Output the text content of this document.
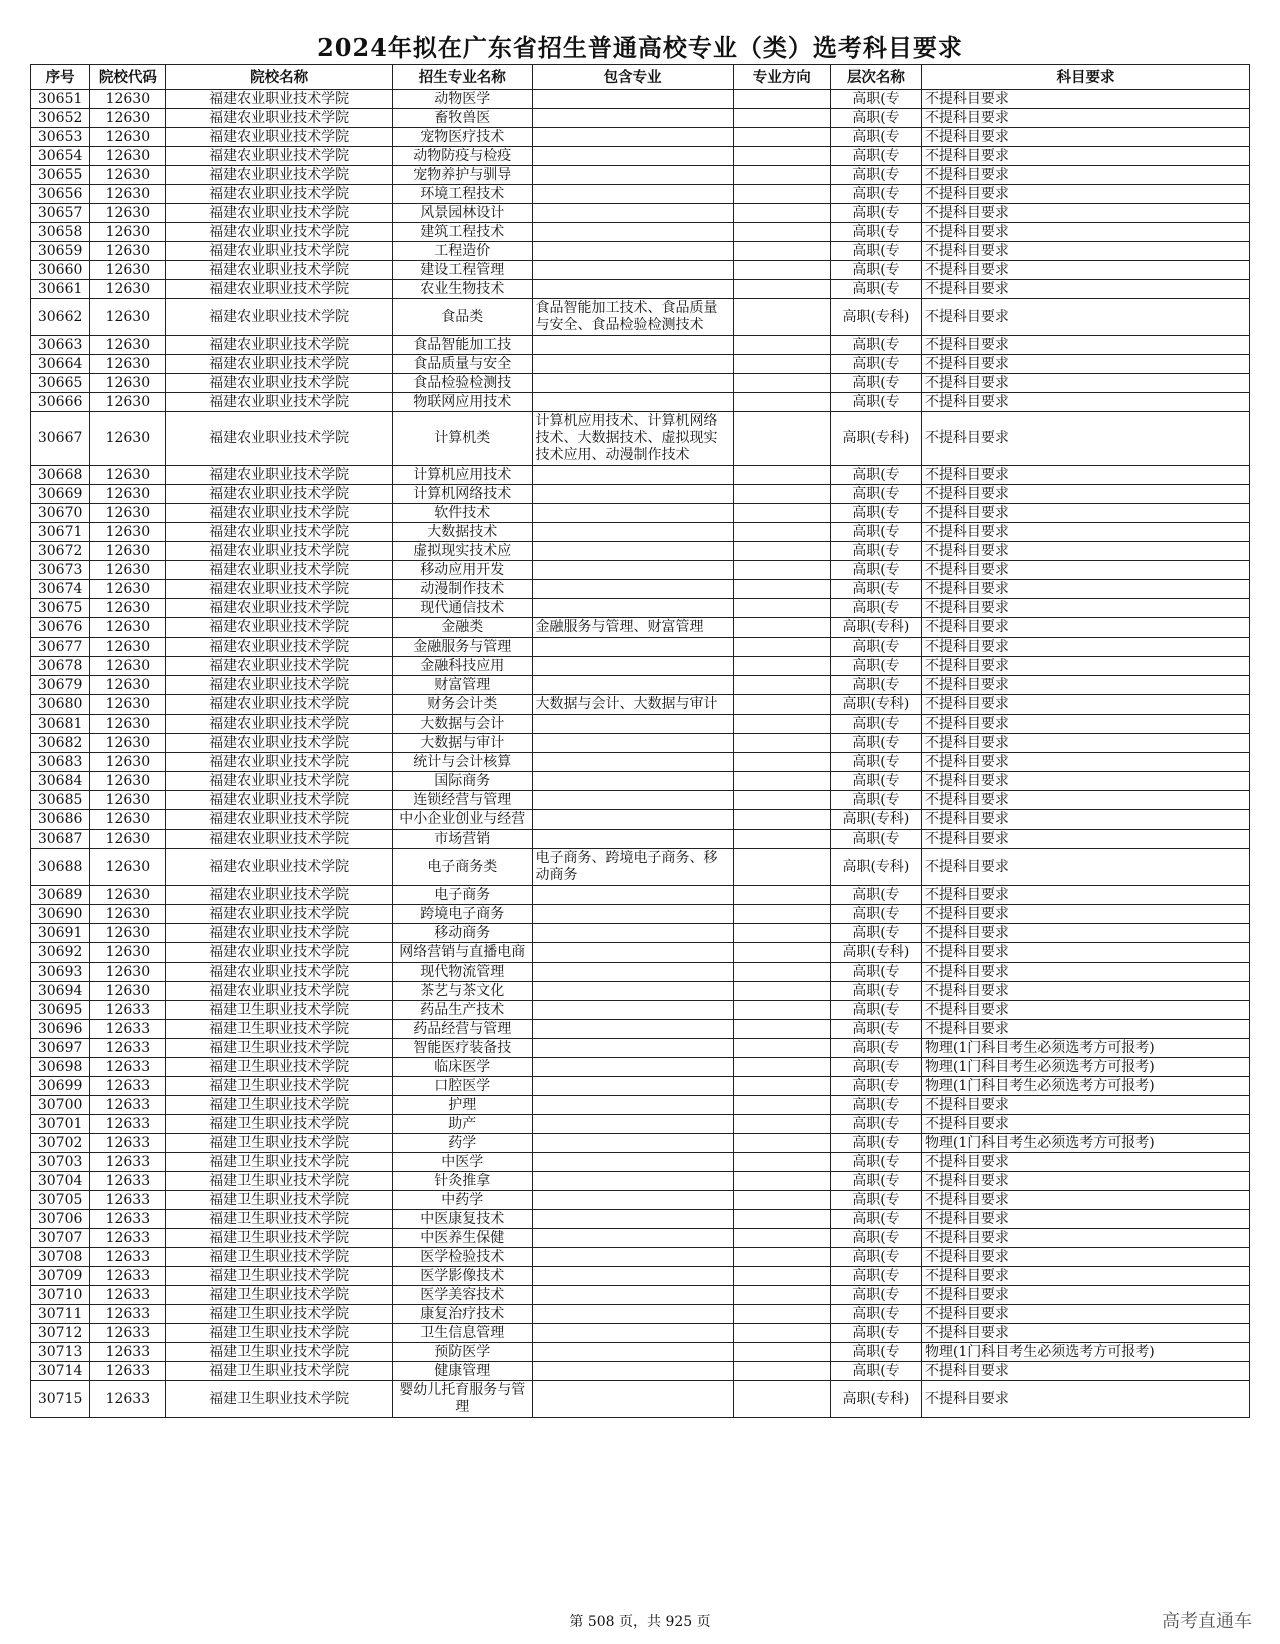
2024年拟在广东省招生普通高校专业（类）选考科目要求
序号	院校代码	院校名称	招生专业名称	包含专业	专业方向	层次名称	科目要求
30651	12630	福建农业职业技术学院	动物医学			高职(专	不提科目要求
30652	12630	福建农业职业技术学院	畜牧兽医			高职(专	不提科目要求
30653	12630	福建农业职业技术学院	宠物医疗技术			高职(专	不提科目要求
30654	12630	福建农业职业技术学院	动物防疫与检疫			高职(专	不提科目要求
30655	12630	福建农业职业技术学院	宠物养护与驯导			高职(专	不提科目要求
30656	12630	福建农业职业技术学院	环境工程技术			高职(专	不提科目要求
30657	12630	福建农业职业技术学院	风景园林设计			高职(专	不提科目要求
30658	12630	福建农业职业技术学院	建筑工程技术			高职(专	不提科目要求
30659	12630	福建农业职业技术学院	工程造价			高职(专	不提科目要求
30660	12630	福建农业职业技术学院	建设工程管理			高职(专	不提科目要求
30661	12630	福建农业职业技术学院	农业生物技术			高职(专	不提科目要求
30662	12630	福建农业职业技术学院	食品类	食品智能加工技术、食品质量与安全、食品检验检测技术		高职(专科)	不提科目要求
30663	12630	福建农业职业技术学院	食品智能加工技			高职(专	不提科目要求
30664	12630	福建农业职业技术学院	食品质量与安全			高职(专	不提科目要求
30665	12630	福建农业职业技术学院	食品检验检测技			高职(专	不提科目要求
30666	12630	福建农业职业技术学院	物联网应用技术			高职(专	不提科目要求
30667	12630	福建农业职业技术学院	计算机类	计算机应用技术、计算机网络技术、大数据技术、虚拟现实技术应用、动漫制作技术		高职(专科)	不提科目要求
30668	12630	福建农业职业技术学院	计算机应用技术			高职(专	不提科目要求
30669	12630	福建农业职业技术学院	计算机网络技术			高职(专	不提科目要求
30670	12630	福建农业职业技术学院	软件技术			高职(专	不提科目要求
30671	12630	福建农业职业技术学院	大数据技术			高职(专	不提科目要求
30672	12630	福建农业职业技术学院	虚拟现实技术应			高职(专	不提科目要求
30673	12630	福建农业职业技术学院	移动应用开发			高职(专	不提科目要求
30674	12630	福建农业职业技术学院	动漫制作技术			高职(专	不提科目要求
30675	12630	福建农业职业技术学院	现代通信技术			高职(专	不提科目要求
30676	12630	福建农业职业技术学院	金融类	金融服务与管理、财富管理		高职(专科)	不提科目要求
30677	12630	福建农业职业技术学院	金融服务与管理			高职(专	不提科目要求
30678	12630	福建农业职业技术学院	金融科技应用			高职(专	不提科目要求
30679	12630	福建农业职业技术学院	财富管理			高职(专	不提科目要求
30680	12630	福建农业职业技术学院	财务会计类	大数据与会计、大数据与审计		高职(专科)	不提科目要求
30681	12630	福建农业职业技术学院	大数据与会计			高职(专	不提科目要求
30682	12630	福建农业职业技术学院	大数据与审计			高职(专	不提科目要求
30683	12630	福建农业职业技术学院	统计与会计核算			高职(专	不提科目要求
30684	12630	福建农业职业技术学院	国际商务			高职(专	不提科目要求
30685	12630	福建农业职业技术学院	连锁经营与管理			高职(专	不提科目要求
30686	12630	福建农业职业技术学院	中小企业创业与经营			高职(专科)	不提科目要求
30687	12630	福建农业职业技术学院	市场营销			高职(专	不提科目要求
30688	12630	福建农业职业技术学院	电子商务类	电子商务、跨境电子商务、移动商务		高职(专科)	不提科目要求
30689	12630	福建农业职业技术学院	电子商务			高职(专	不提科目要求
30690	12630	福建农业职业技术学院	跨境电子商务			高职(专	不提科目要求
30691	12630	福建农业职业技术学院	移动商务			高职(专	不提科目要求
30692	12630	福建农业职业技术学院	网络营销与直播电商			高职(专科)	不提科目要求
30693	12630	福建农业职业技术学院	现代物流管理			高职(专	不提科目要求
30694	12630	福建农业职业技术学院	茶艺与茶文化			高职(专	不提科目要求
30695	12633	福建卫生职业技术学院	药品生产技术			高职(专	不提科目要求
30696	12633	福建卫生职业技术学院	药品经营与管理			高职(专	不提科目要求
30697	12633	福建卫生职业技术学院	智能医疗装备技			高职(专	物理(1门科目考生必须选考方可报考)
30698	12633	福建卫生职业技术学院	临床医学			高职(专	物理(1门科目考生必须选考方可报考)
30699	12633	福建卫生职业技术学院	口腔医学			高职(专	物理(1门科目考生必须选考方可报考)
30700	12633	福建卫生职业技术学院	护理			高职(专	不提科目要求
30701	12633	福建卫生职业技术学院	助产			高职(专	不提科目要求
30702	12633	福建卫生职业技术学院	药学			高职(专	物理(1门科目考生必须选考方可报考)
30703	12633	福建卫生职业技术学院	中医学			高职(专	不提科目要求
30704	12633	福建卫生职业技术学院	针灸推拿			高职(专	不提科目要求
30705	12633	福建卫生职业技术学院	中药学			高职(专	不提科目要求
30706	12633	福建卫生职业技术学院	中医康复技术			高职(专	不提科目要求
30707	12633	福建卫生职业技术学院	中医养生保健			高职(专	不提科目要求
30708	12633	福建卫生职业技术学院	医学检验技术			高职(专	不提科目要求
30709	12633	福建卫生职业技术学院	医学影像技术			高职(专	不提科目要求
30710	12633	福建卫生职业技术学院	医学美容技术			高职(专	不提科目要求
30711	12633	福建卫生职业技术学院	康复治疗技术			高职(专	不提科目要求
30712	12633	福建卫生职业技术学院	卫生信息管理			高职(专	不提科目要求
30713	12633	福建卫生职业技术学院	预防医学			高职(专	物理(1门科目考生必须选考方可报考)
30714	12633	福建卫生职业技术学院	健康管理			高职(专	不提科目要求
30715	12633	福建卫生职业技术学院	婴幼儿托育服务与管理			高职(专科)	不提科目要求
第 508 页，共 925 页	高考直通车
